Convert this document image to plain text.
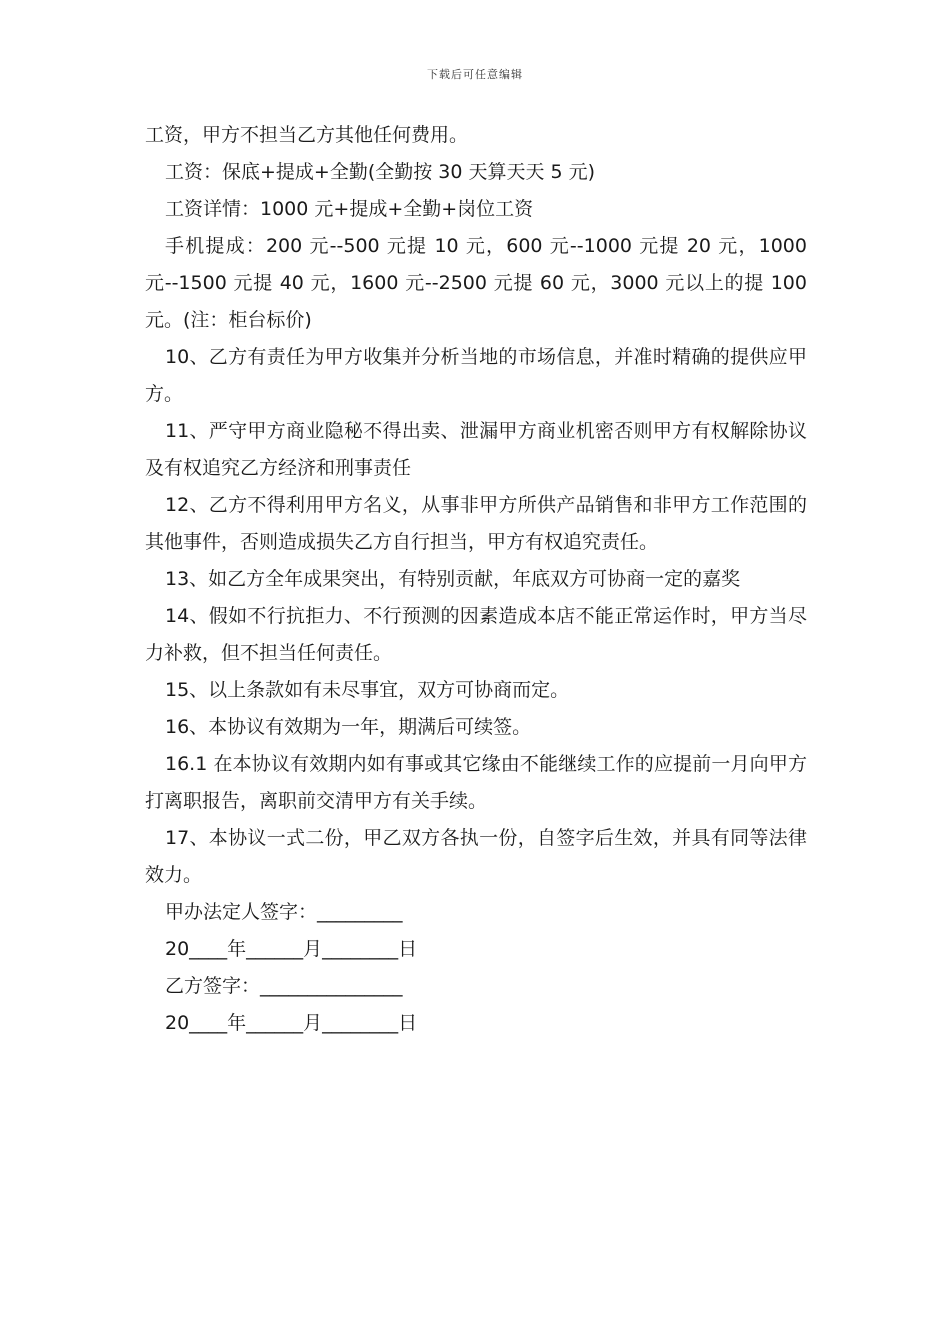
下载后可任意编辑

工资，甲方不担当乙方其他任何费用。

工资：保底+提成+全勤(全勤按 30 天算天天 5 元)

工资详情：1000 元+提成+全勤+岗位工资

手机提成：200 元--500 元提 10 元，600 元--1000 元提 20 元，1000 元--1500 元提 40 元，1600 元--2500 元提 60 元，3000 元以上的提 100 元。(注：柜台标价)

10、乙方有责任为甲方收集并分析当地的市场信息，并准时精确的提供应甲方。

11、严守甲方商业隐秘不得出卖、泄漏甲方商业机密否则甲方有权解除协议及有权追究乙方经济和刑事责任

12、乙方不得利用甲方名义，从事非甲方所供产品销售和非甲方工作范围的其他事件，否则造成损失乙方自行担当，甲方有权追究责任。

13、如乙方全年成果突出，有特别贡献，年底双方可协商一定的嘉奖

14、假如不行抗拒力、不行预测的因素造成本店不能正常运作时，甲方当尽力补救，但不担当任何责任。

15、以上条款如有未尽事宜，双方可协商而定。

16、本协议有效期为一年，期满后可续签。

16.1 在本协议有效期内如有事或其它缘由不能继续工作的应提前一月向甲方打离职报告，离职前交清甲方有关手续。

17、本协议一式二份，甲乙双方各执一份，自签字后生效，并具有同等法律效力。

甲办法定人签字：_________

20____年______月________日

乙方签字：_______________

20____年______月________日
